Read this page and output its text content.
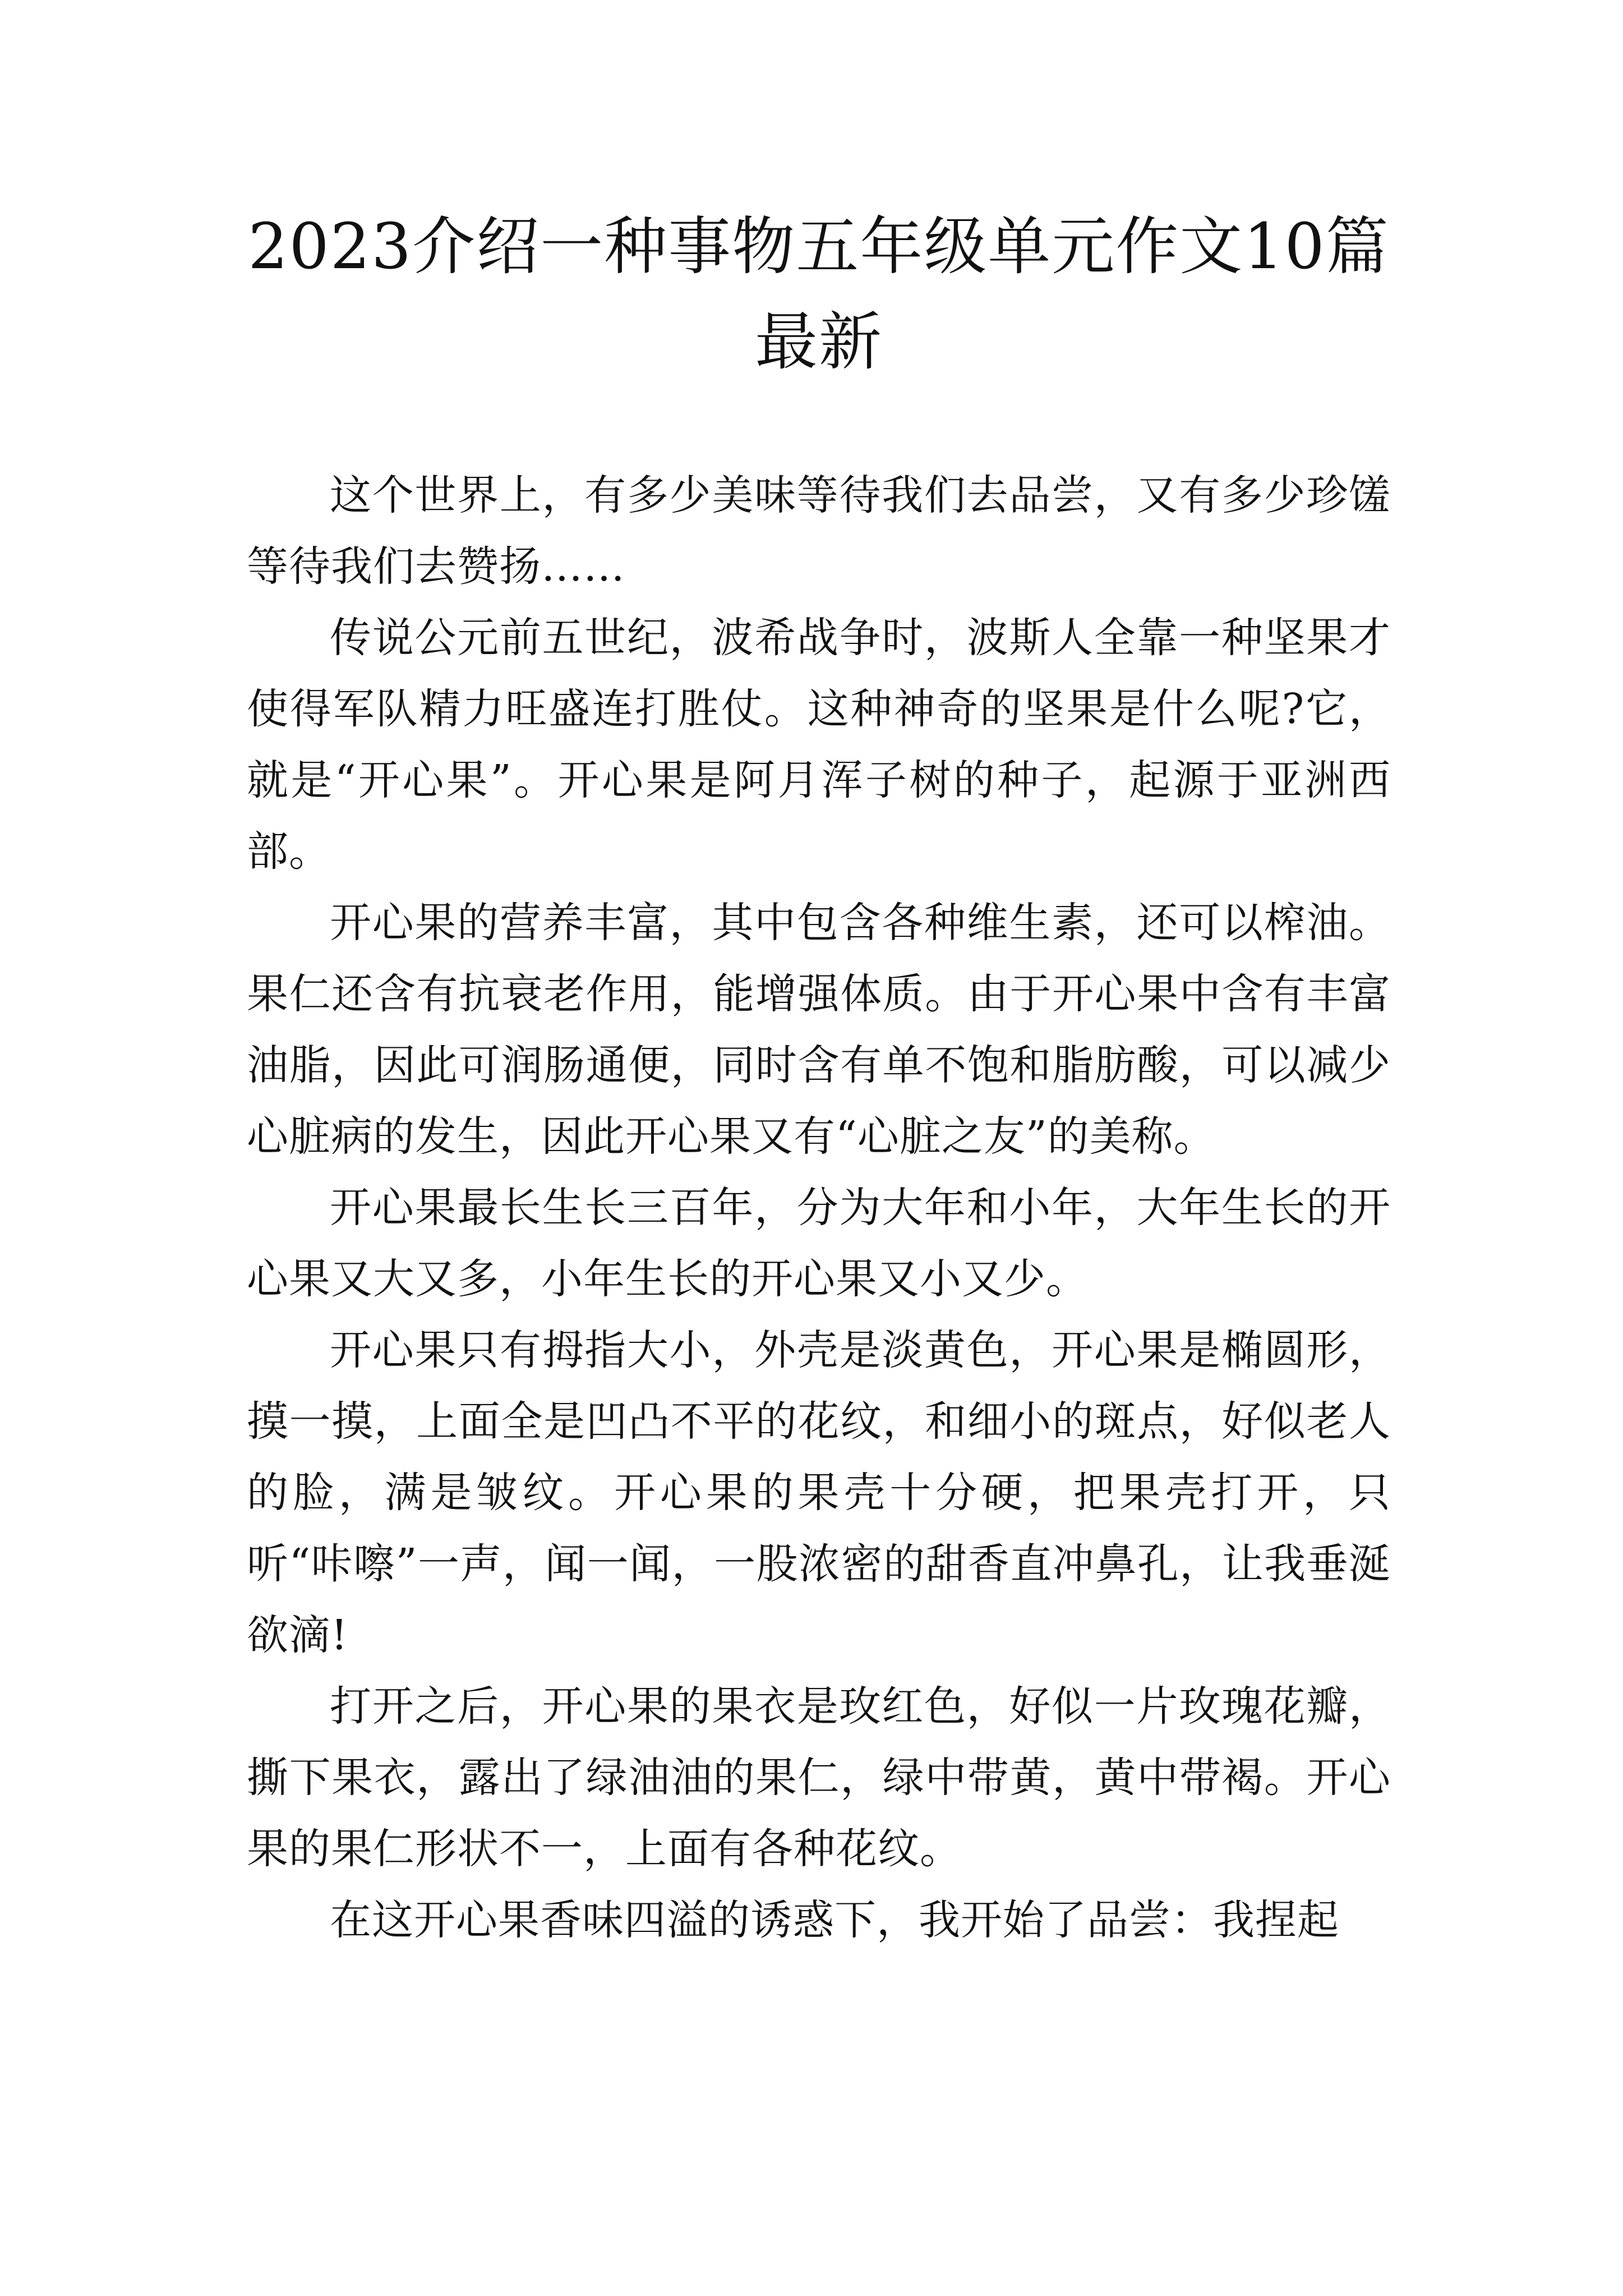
2023介绍一种事物五年级单元作文10篇最新

这个世界上，有多少美味等待我们去品尝，又有多少珍馐等待我们去赞扬……

传说公元前五世纪，波希战争时，波斯人全靠一种坚果才使得军队精力旺盛连打胜仗。这种神奇的坚果是什么呢?它，就是“开心果”。开心果是阿月浑子树的种子，起源于亚洲西部。

开心果的营养丰富，其中包含各种维生素，还可以榨油。果仁还含有抗衰老作用，能增强体质。由于开心果中含有丰富油脂，因此可润肠通便，同时含有单不饱和脂肪酸，可以减少心脏病的发生，因此开心果又有“心脏之友”的美称。

开心果最长生长三百年，分为大年和小年，大年生长的开心果又大又多，小年生长的开心果又小又少。

开心果只有拇指大小，外壳是淡黄色，开心果是椭圆形，摸一摸，上面全是凹凸不平的花纹，和细小的斑点，好似老人的脸，满是皱纹。开心果的果壳十分硬，把果壳打开，只听“咔嚓”一声，闻一闻，一股浓密的甜香直冲鼻孔，让我垂涎欲滴!

打开之后，开心果的果衣是玫红色，好似一片玫瑰花瓣，撕下果衣，露出了绿油油的果仁，绿中带黄，黄中带褐。开心果的果仁形状不一，上面有各种花纹。

在这开心果香味四溢的诱惑下，我开始了品尝：我捏起
